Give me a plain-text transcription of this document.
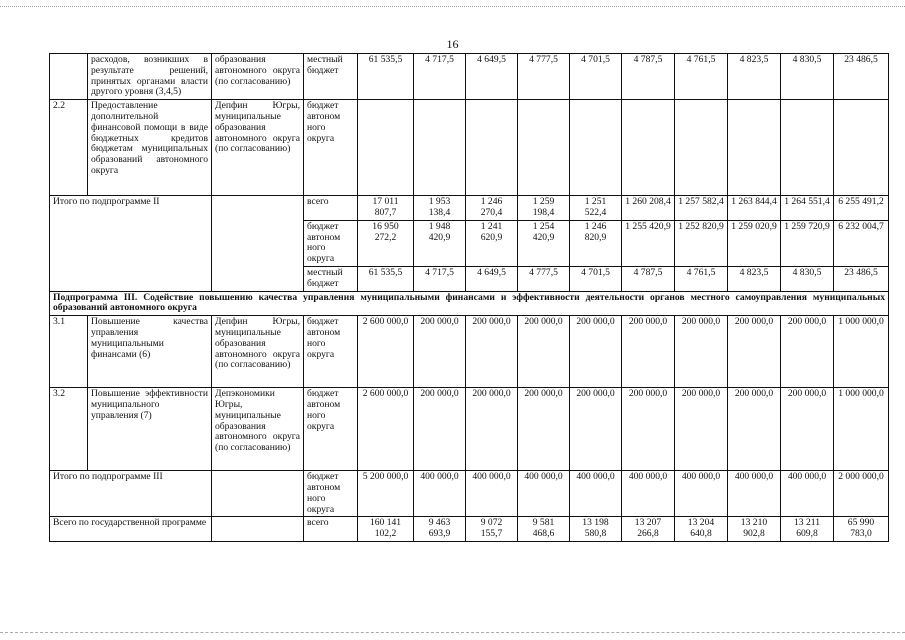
16
	расходов, возникших в результате решений, принятых органами власти другого уровня (3,4,5)	образования автономного округа (по согласованию)	местный бюджет	61 535,5	4 717,5	4 649,5	4 777,5	4 701,5	4 787,5	4 761,5	4 823,5	4 830,5	23 486,5
2.2	Предоставление дополнительной финансовой помощи в виде бюджетных кредитов бюджетам муниципальных образований автономного округа	Депфин Югры, муниципальные образования автономного округа (по согласованию)	бюджет автоном ного округа										
Итого по подпрограмме II			всего	17 011 807,7	1 953 138,4	1 246 270,4	1 259 198,4	1 251 522,4	1 260 208,4	1 257 582,4	1 263 844,4	1 264 551,4	6 255 491,2
			бюджет автоном ного округа	16 950 272,2	1 948 420,9	1 241 620,9	1 254 420,9	1 246 820,9	1 255 420,9	1 252 820,9	1 259 020,9	1 259 720,9	6 232 004,7
			местный бюджет	61 535,5	4 717,5	4 649,5	4 777,5	4 701,5	4 787,5	4 761,5	4 823,5	4 830,5	23 486,5
Подпрограмма III. Содействие повышению качества управления муниципальными финансами и эффективности деятельности органов местного самоуправления муниципальных образований автономного округа													
3.1	Повышение качества управления муниципальными финансами (6)	Депфин Югры, муниципальные образования автономного округа (по согласованию)	бюджет автоном ного округа	2 600 000,0	200 000,0	200 000,0	200 000,0	200 000,0	200 000,0	200 000,0	200 000,0	200 000,0	1 000 000,0
3.2	Повышение эффективности муниципального управления (7)	Депэкономики Югры, муниципальные образования автономного округа (по согласованию)	бюджет автоном ного округа	2 600 000,0	200 000,0	200 000,0	200 000,0	200 000,0	200 000,0	200 000,0	200 000,0	200 000,0	1 000 000,0
Итого по подпрограмме III			бюджет автоном ного округа	5 200 000,0	400 000,0	400 000,0	400 000,0	400 000,0	400 000,0	400 000,0	400 000,0	400 000,0	2 000 000,0
Всего по государственной программе			всего	160 141 102,2	9 463 693,9	9 072 155,7	9 581 468,6	13 198 580,8	13 207 266,8	13 204 640,8	13 210 902,8	13 211 609,8	65 990 783,0
